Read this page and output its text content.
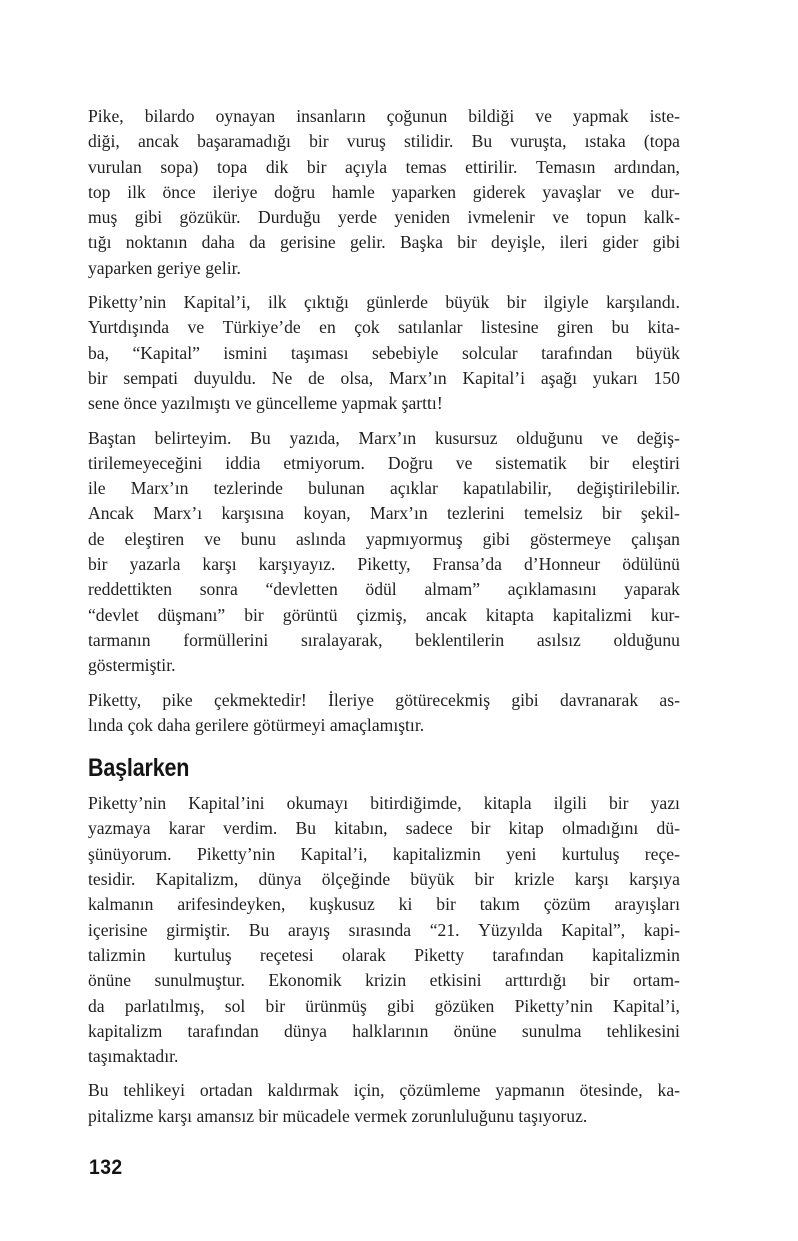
Pike, bilardo oynayan insanların çoğunun bildiği ve yapmak iste-
diği, ancak başaramadığı bir vuruş stilidir. Bu vuruşta, ıstaka (topa
vurulan sopa) topa dik bir açıyla temas ettirilir. Temasın ardından,
top ilk önce ileriye doğru hamle yaparken giderek yavaşlar ve dur-
muş gibi gözükür. Durduğu yerde yeniden ivmelenir ve topun kalk-
tığı noktanın daha da gerisine gelir. Başka bir deyişle, ileri gider gibi
yaparken geriye gelir.
Piketty’nin Kapital’i, ilk çıktığı günlerde büyük bir ilgiyle karşılandı.
Yurtdışında ve Türkiye’de en çok satılanlar listesine giren bu kita-
ba, “Kapital” ismini taşıması sebebiyle solcular tarafından büyük
bir sempati duyuldu. Ne de olsa, Marx’ın Kapital’i aşağı yukarı 150
sene önce yazılmıştı ve güncelleme yapmak şarttı!
Baştan belirteyim. Bu yazıda, Marx’ın kusursuz olduğunu ve değiş-
tirilemeyeceğini iddia etmiyorum. Doğru ve sistematik bir eleştiri
ile Marx’ın tezlerinde bulunan açıklar kapatılabilir, değiştirilebilir.
Ancak Marx’ı karşısına koyan, Marx’ın tezlerini temelsiz bir şekil-
de eleştiren ve bunu aslında yapmıyormuş gibi göstermeye çalışan
bir yazarla karşı karşıyayız. Piketty, Fransa’da d’Honneur ödülünü
reddettikten sonra “devletten ödül almam” açıklamasını yaparak
“devlet düşmanı” bir görüntü çizmiş, ancak kitapta kapitalizmi kur-
tarmanın formüllerini sıralayarak, beklentilerin asılsız olduğunu
göstermiştir.
Piketty, pike çekmektedir! İleriye götürecekmiş gibi davranarak as-
lında çok daha gerilere götürmeyi amaçlamıştır.
Başlarken
Piketty’nin Kapital’ini okumayı bitirdiğimde, kitapla ilgili bir yazı
yazmaya karar verdim. Bu kitabın, sadece bir kitap olmadığını dü-
şünüyorum. Piketty’nin Kapital’i, kapitalizmin yeni kurtuluş reçe-
tesidir. Kapitalizm, dünya ölçeğinde büyük bir krizle karşı karşıya
kalmanın arifesindeyken, kuşkusuz ki bir takım çözüm arayışları
içerisine girmiştir. Bu arayış sırasında “21. Yüzyılda Kapital”, kapi-
talizmin kurtuluş reçetesi olarak Piketty tarafından kapitalizmin
önüne sunulmuştur. Ekonomik krizin etkisini arttırdığı bir ortam-
da parlatılmış, sol bir ürünmüş gibi gözüken Piketty’nin Kapital’i,
kapitalizm tarafından dünya halklarının önüne sunulma tehlikesini
taşımaktadır.
Bu tehlikeyi ortadan kaldırmak için, çözümleme yapmanın ötesinde, ka-
pitalizme karşı amansız bir mücadele vermek zorunluluğunu taşıyoruz.
132
